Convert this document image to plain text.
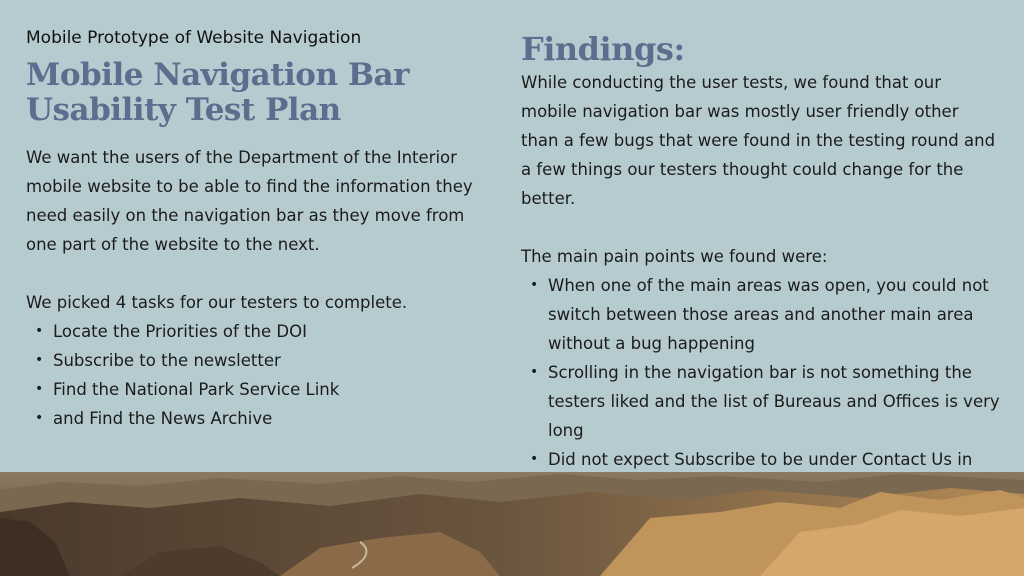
Mobile Prototype of Website Navigation
Mobile Navigation Bar
Usability Test Plan

We want the users of the Department of the Interior mobile website to be able to find the information they need easily on the navigation bar as they move from one part of the website to the next.

We picked 4 tasks for our testers to complete.

• Locate the Priorities of the DOI
• Subscribe to the newsletter
• Find the National Park Service Link
• and Find the News Archive
Findings:

While conducting the user tests, we found that our mobile navigation bar was mostly user friendly other than a few bugs that were found in the testing round and a few things our testers thought could change for the better.

The main pain points we found were:

• When one of the main areas was open, you could not switch between those areas and another main area without a bug happening
• Scrolling in the navigation bar is not something the testers liked and the list of Bureaus and Offices is very long
• Did not expect Subscribe to be under Contact Us in
